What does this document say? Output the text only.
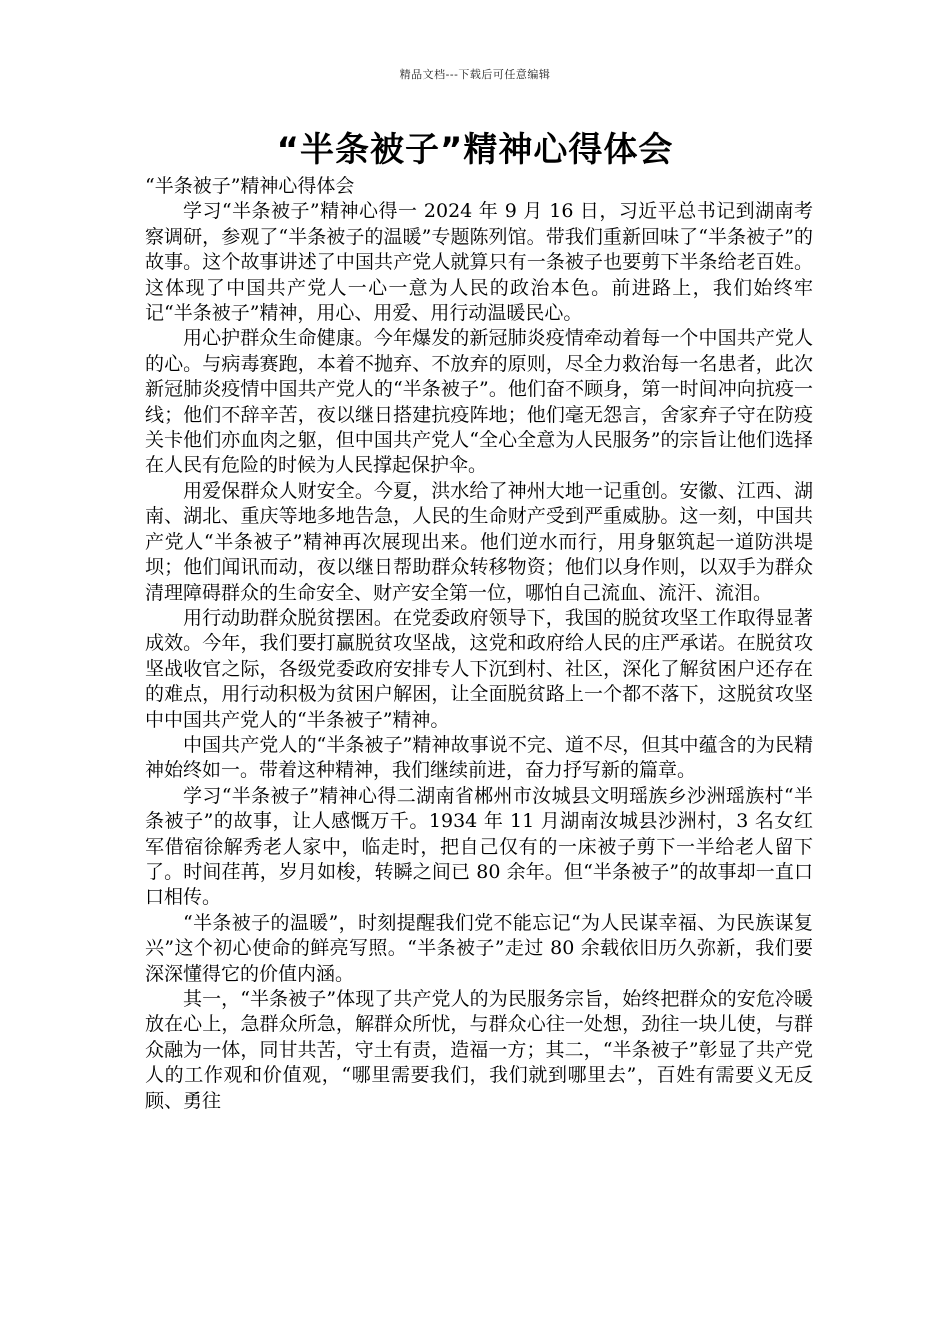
精品文档---下载后可任意编辑
“半条被子”精神心得体会

“半条被子”精神心得体会

学习“半条被子”精神心得一 2024 年 9 月 16 日，习近平总书记到湖南考察调研，参观了“半条被子的温暖”专题陈列馆。带我们重新回味了“半条被子”的故事。这个故事讲述了中国共产党人就算只有一条被子也要剪下半条给老百姓。这体现了中国共产党人一心一意为人民的政治本色。前进路上，我们始终牢记“半条被子”精神，用心、用爱、用行动温暖民心。

用心护群众生命健康。今年爆发的新冠肺炎疫情牵动着每一个中国共产党人的心。与病毒赛跑，本着不抛弃、不放弃的原则，尽全力救治每一名患者，此次新冠肺炎疫情中国共产党人的“半条被子”。他们奋不顾身，第一时间冲向抗疫一线；他们不辞辛苦，夜以继日搭建抗疫阵地；他们毫无怨言，舍家弃子守在防疫关卡他们亦血肉之躯，但中国共产党人“全心全意为人民服务”的宗旨让他们选择在人民有危险的时候为人民撑起保护伞。

用爱保群众人财安全。今夏，洪水给了神州大地一记重创。安徽、江西、湖南、湖北、重庆等地多地告急，人民的生命财产受到严重威胁。这一刻，中国共产党人“半条被子”精神再次展现出来。他们逆水而行，用身躯筑起一道防洪堤坝；他们闻讯而动，夜以继日帮助群众转移物资；他们以身作则，以双手为群众清理障碍群众的生命安全、财产安全第一位，哪怕自己流血、流汗、流泪。

用行动助群众脱贫摆困。在党委政府领导下，我国的脱贫攻坚工作取得显著成效。今年，我们要打赢脱贫攻坚战，这党和政府给人民的庄严承诺。在脱贫攻坚战收官之际，各级党委政府安排专人下沉到村、社区，深化了解贫困户还存在的难点，用行动积极为贫困户解困，让全面脱贫路上一个都不落下，这脱贫攻坚中中国共产党人的“半条被子”精神。

中国共产党人的“半条被子”精神故事说不完、道不尽，但其中蕴含的为民精神始终如一。带着这种精神，我们继续前进，奋力抒写新的篇章。

学习“半条被子”精神心得二湖南省郴州市汝城县文明瑶族乡沙洲瑶族村“半条被子”的故事，让人感慨万千。1934 年 11 月湖南汝城县沙洲村，3 名女红军借宿徐解秀老人家中，临走时，把自己仅有的一床被子剪下一半给老人留下了。时间荏苒，岁月如梭，转瞬之间已 80 余年。但“半条被子”的故事却一直口口相传。

“半条被子的温暖”，时刻提醒我们党不能忘记“为人民谋幸福、为民族谋复兴”这个初心使命的鲜亮写照。“半条被子”走过 80 余载依旧历久弥新，我们要深深懂得它的价值内涵。

其一，“半条被子”体现了共产党人的为民服务宗旨，始终把群众的安危冷暖放在心上，急群众所急，解群众所忧，与群众心往一处想，劲往一块儿使，与群众融为一体，同甘共苦，守土有责，造福一方；其二，“半条被子”彰显了共产党人的工作观和价值观，“哪里需要我们，我们就到哪里去”，百姓有需要义无反顾、勇往
